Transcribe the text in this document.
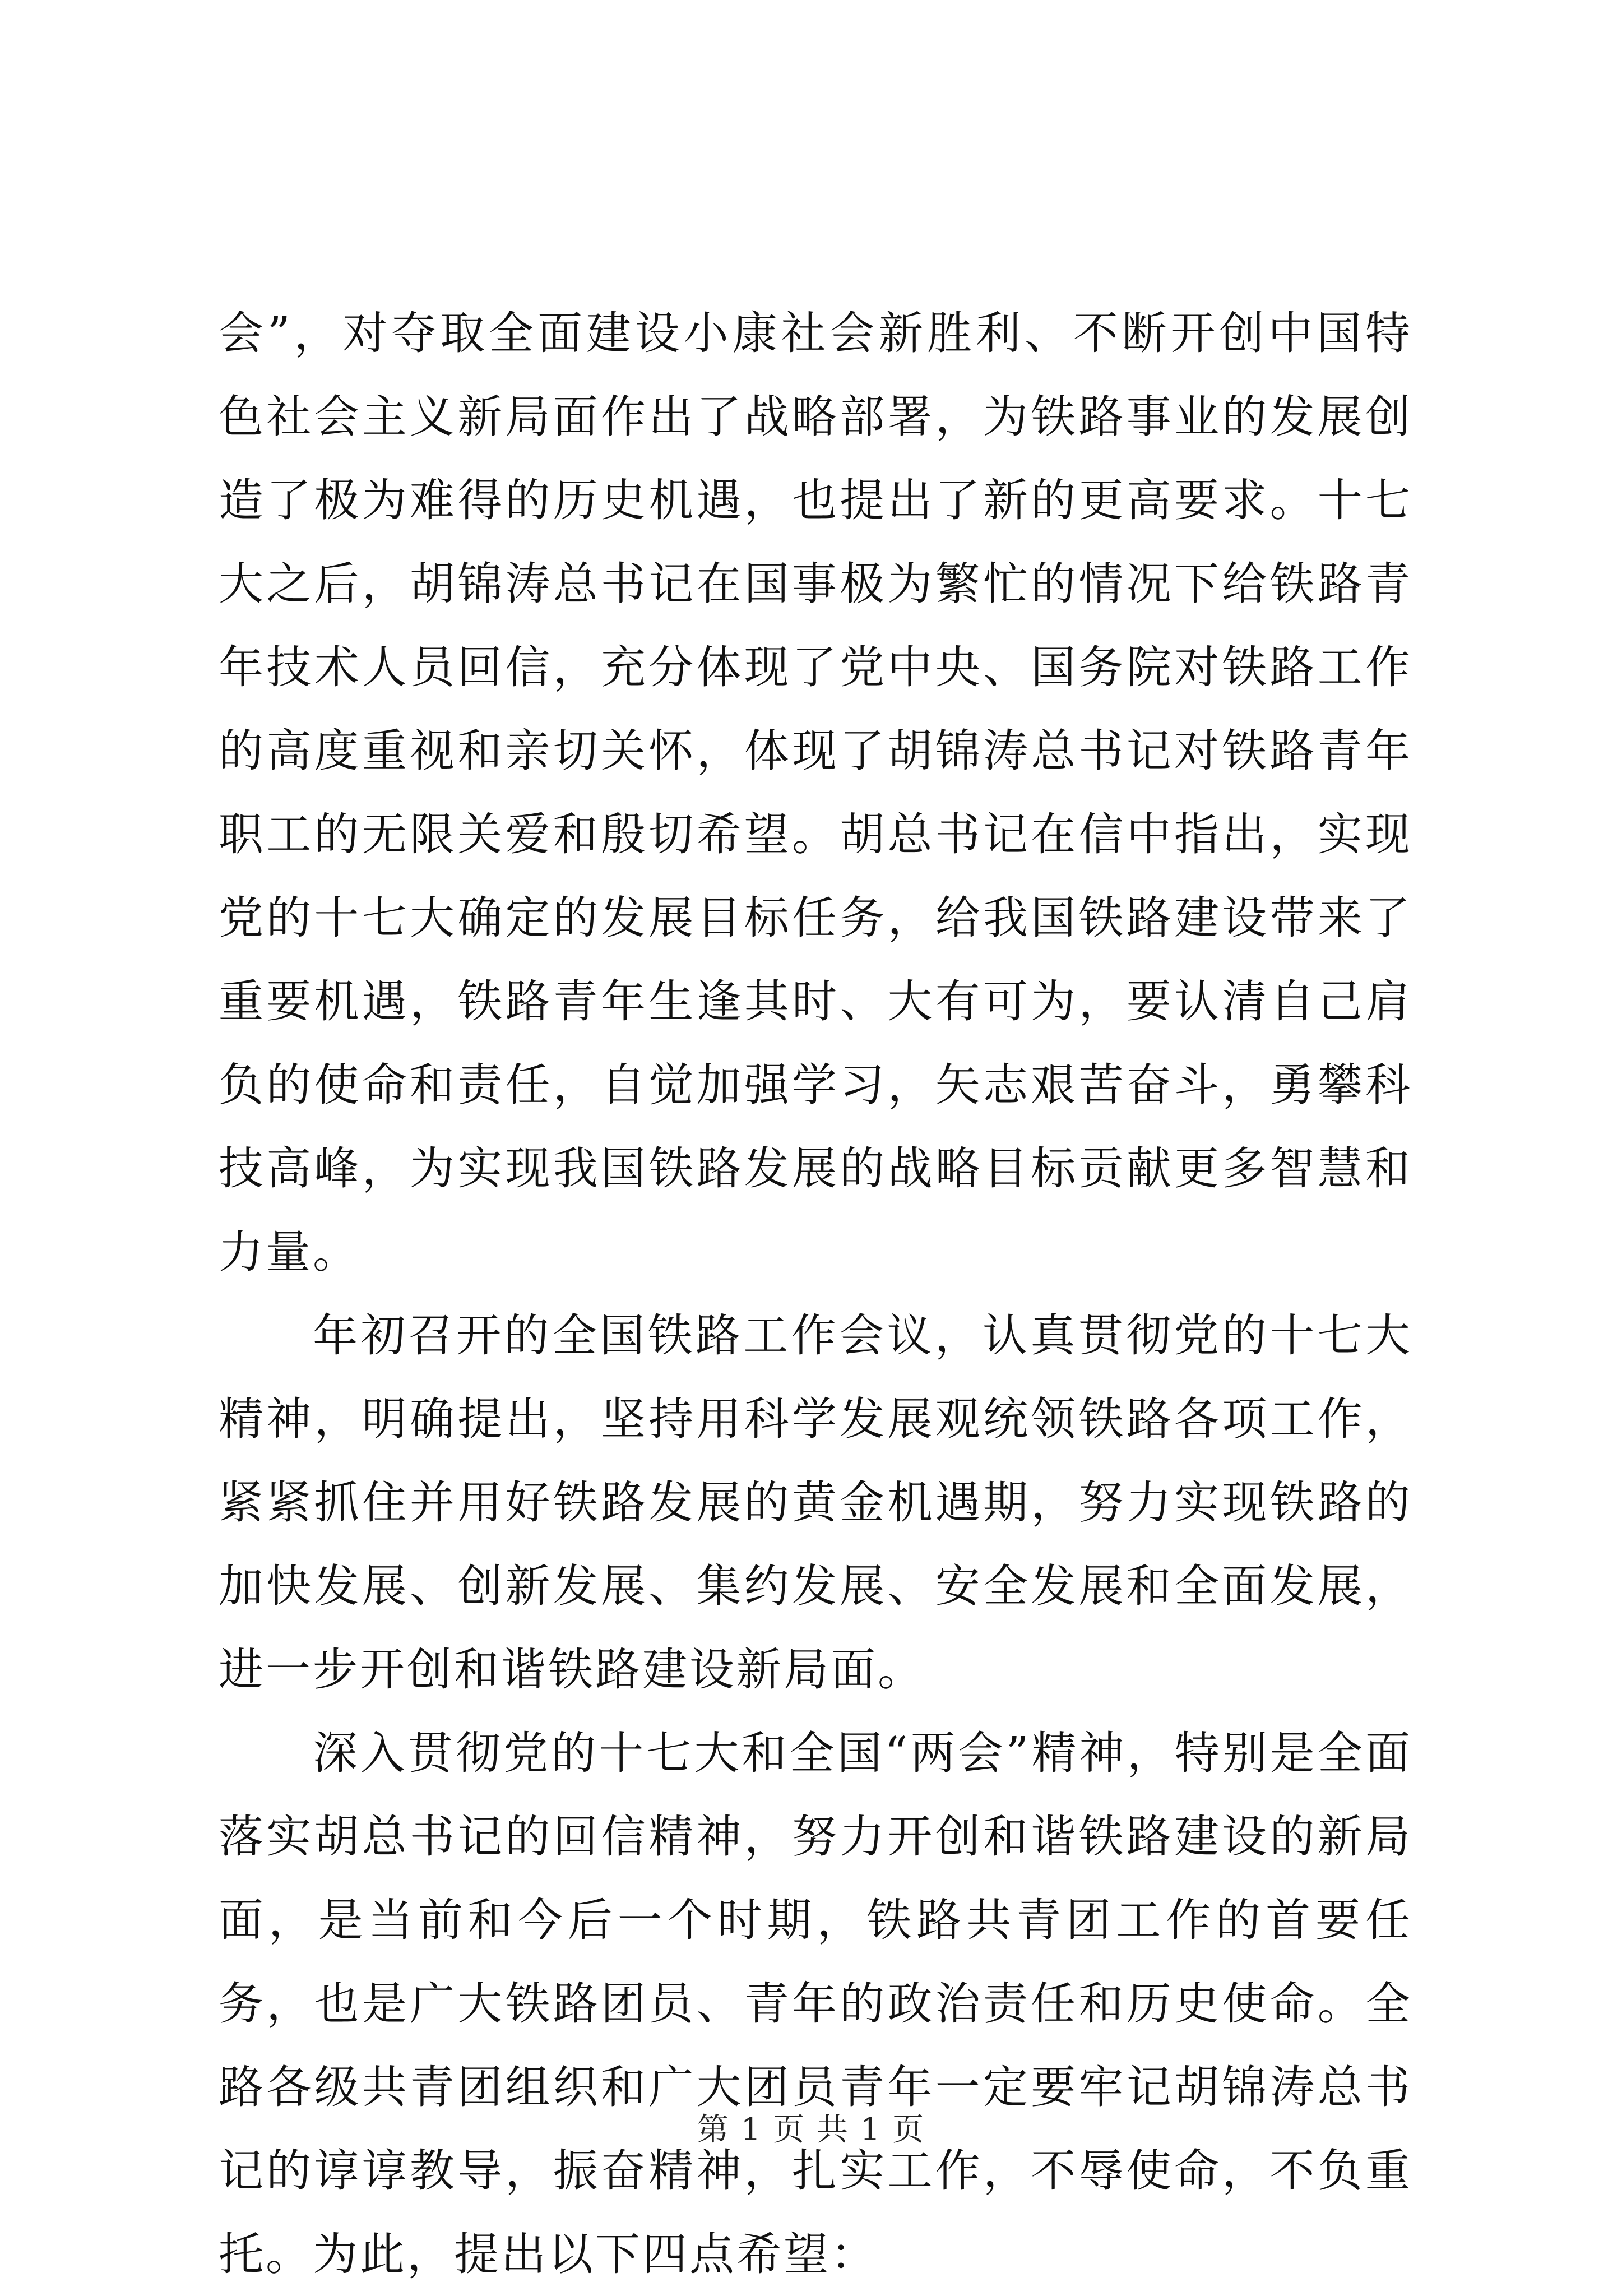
会”，对夺取全面建设小康社会新胜利、不断开创中国特色社会主义新局面作出了战略部署，为铁路事业的发展创造了极为难得的历史机遇，也提出了新的更高要求。十七大之后，胡锦涛总书记在国事极为繁忙的情况下给铁路青年技术人员回信，充分体现了党中央、国务院对铁路工作的高度重视和亲切关怀，体现了胡锦涛总书记对铁路青年职工的无限关爱和殷切希望。胡总书记在信中指出，实现党的十七大确定的发展目标任务，给我国铁路建设带来了重要机遇，铁路青年生逢其时、大有可为，要认清自己肩负的使命和责任，自觉加强学习，矢志艰苦奋斗，勇攀科技高峰，为实现我国铁路发展的战略目标贡献更多智慧和力量。

年初召开的全国铁路工作会议，认真贯彻党的十七大精神，明确提出，坚持用科学发展观统领铁路各项工作，紧紧抓住并用好铁路发展的黄金机遇期，努力实现铁路的加快发展、创新发展、集约发展、安全发展和全面发展，进一步开创和谐铁路建设新局面。

深入贯彻党的十七大和全国“两会”精神，特别是全面落实胡总书记的回信精神，努力开创和谐铁路建设的新局面，是当前和今后一个时期，铁路共青团工作的首要任务，也是广大铁路团员、青年的政治责任和历史使命。全路各级共青团组织和广大团员青年一定要牢记胡锦涛总书记的谆谆教导，振奋精神，扎实工作，不辱使命，不负重托。为此，提出以下四点希望：

第 1 页 共 1 页
